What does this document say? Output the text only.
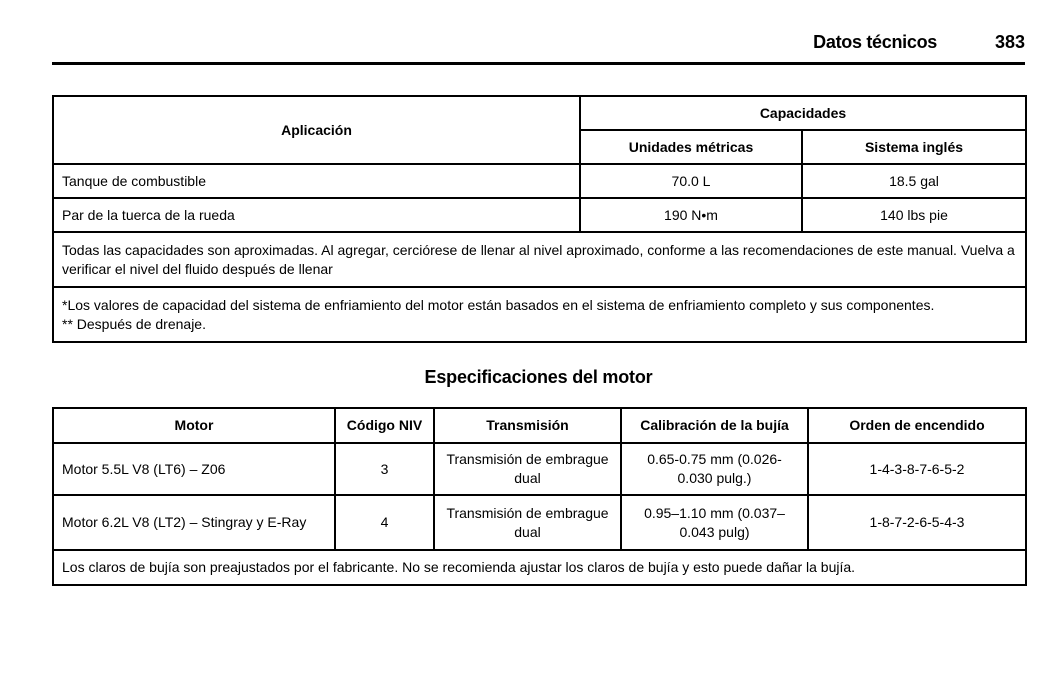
Datos técnicos	383
Aplicación	Capacidades	
	Unidades métricas	Sistema inglés
Tanque de combustible	70.0 L	18.5 gal
Par de la tuerca de la rueda	190 N•m	140 lbs pie
Todas las capacidades son aproximadas. Al agregar, cerciórese de llenar al nivel aproximado, conforme a las recomendaciones de este manual. Vuelva a verificar el nivel del fluido después de llenar		

*Los valores de capacidad del sistema de enfriamiento del motor están basados en el sistema de enfriamiento completo y sus componentes.
** Después de drenaje.		
Especificaciones del motor
Motor	Código NIV	Transmisión	Calibración de la bujía	Orden de encendido
Motor 5.5L V8 (LT6) – Z06	3	Transmisión de embrague dual	0.65-0.75 mm (0.026-0.030 pulg.)	1-4-3-8-7-6-5-2
Motor 6.2L V8 (LT2) – Stingray y E-Ray	4	Transmisión de embrague dual	0.95–1.10 mm (0.037–0.043 pulg)	1-8-7-2-6-5-4-3
Los claros de bujía son preajustados por el fabricante. No se recomienda ajustar los claros de bujía y esto puede dañar la bujía.				
